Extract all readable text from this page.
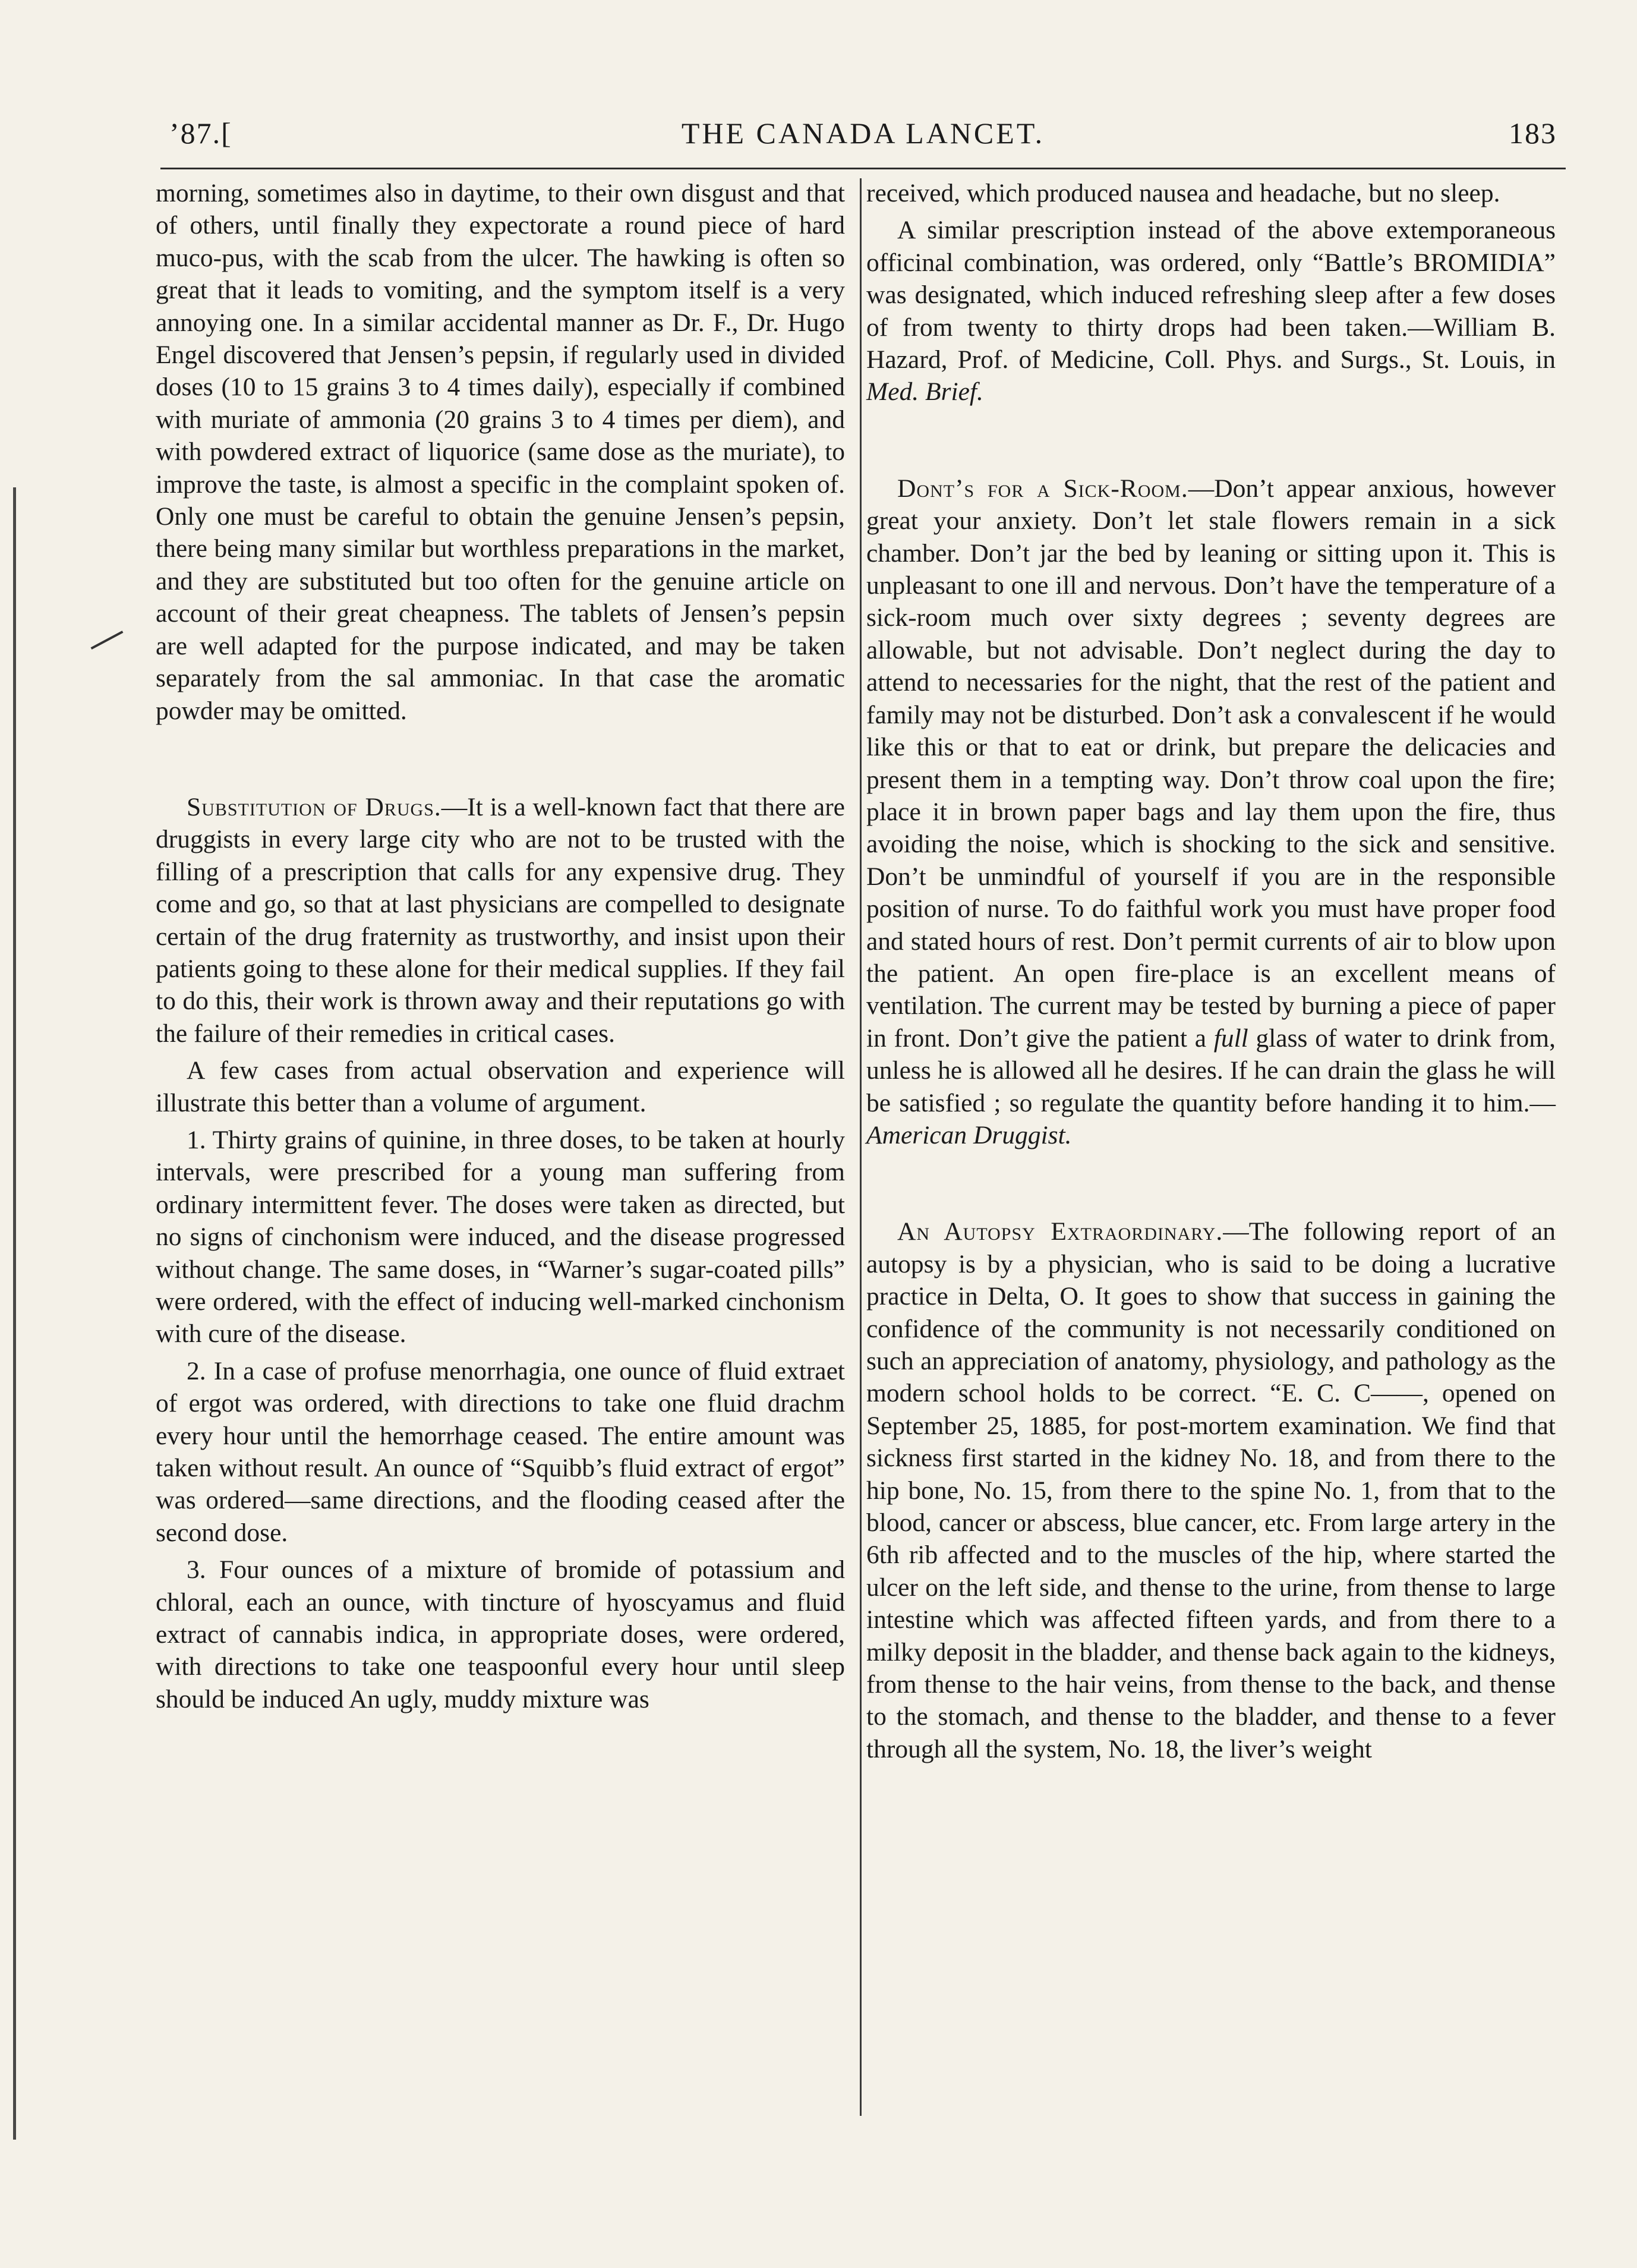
’87.[	THE CANADA LANCET.	183

morning, sometimes also in daytime, to their own disgust and that of others, until finally they expectorate a round piece of hard muco-pus, with the scab from the ulcer. The hawking is often so great that it leads to vomiting, and the symptom itself is a very annoying one. In a similar accidental manner as Dr. F., Dr. Hugo Engel discovered that Jensen’s pepsin, if regularly used in divided doses (10 to 15 grains 3 to 4 times daily), especially if combined with muriate of ammonia (20 grains 3 to 4 times per diem), and with powdered extract of liquorice (same dose as the muriate), to improve the taste, is almost a specific in the complaint spoken of. Only one must be careful to obtain the genuine Jensen’s pepsin, there being many similar but worthless preparations in the market, and they are substituted but too often for the genuine article on account of their great cheapness. The tablets of Jensen’s pepsin are well adapted for the purpose indicated, and may be taken separately from the sal ammoniac. In that case the aromatic powder may be omitted.

Substitution of Drugs.—It is a well-known fact that there are druggists in every large city who are not to be trusted with the filling of a prescription that calls for any expensive drug. They come and go, so that at last physicians are compelled to designate certain of the drug fraternity as trustworthy, and insist upon their patients going to these alone for their medical supplies. If they fail to do this, their work is thrown away and their reputations go with the failure of their remedies in critical cases.

A few cases from actual observation and experience will illustrate this better than a volume of argument.

1. Thirty grains of quinine, in three doses, to be taken at hourly intervals, were prescribed for a young man suffering from ordinary intermittent fever. The doses were taken as directed, but no signs of cinchonism were induced, and the disease progressed without change. The same doses, in “Warner’s sugar-coated pills” were ordered, with the effect of inducing well-marked cinchonism with cure of the disease.

2. In a case of profuse menorrhagia, one ounce of fluid extraet of ergot was ordered, with directions to take one fluid drachm every hour until the hemorrhage ceased. The entire amount was taken without result. An ounce of “Squibb’s fluid extract of ergot” was ordered—same directions, and the flooding ceased after the second dose.

3. Four ounces of a mixture of bromide of potassium and chloral, each an ounce, with tincture of hyoscyamus and fluid extract of cannabis indica, in appropriate doses, were ordered, with directions to take one teaspoonful every hour until sleep should be induced An ugly, muddy mixture was

received, which produced nausea and headache, but no sleep.

A similar prescription instead of the above extemporaneous officinal combination, was ordered, only “Battle’s BROMIDIA” was designated, which induced refreshing sleep after a few doses of from twenty to thirty drops had been taken.—William B. Hazard, Prof. of Medicine, Coll. Phys. and Surgs., St. Louis, in Med. Brief.

Dont’s for a Sick-Room.—Don’t appear anxious, however great your anxiety. Don’t let stale flowers remain in a sick chamber. Don’t jar the bed by leaning or sitting upon it. This is unpleasant to one ill and nervous. Don’t have the temperature of a sick-room much over sixty degrees ; seventy degrees are allowable, but not advisable. Don’t neglect during the day to attend to necessaries for the night, that the rest of the patient and family may not be disturbed. Don’t ask a convalescent if he would like this or that to eat or drink, but prepare the delicacies and present them in a tempting way. Don’t throw coal upon the fire; place it in brown paper bags and lay them upon the fire, thus avoiding the noise, which is shocking to the sick and sensitive. Don’t be unmindful of yourself if you are in the responsible position of nurse. To do faithful work you must have proper food and stated hours of rest. Don’t permit currents of air to blow upon the patient. An open fire-place is an excellent means of ventilation. The current may be tested by burning a piece of paper in front. Don’t give the patient a full glass of water to drink from, unless he is allowed all he desires. If he can drain the glass he will be satisfied ; so regulate the quantity before handing it to him.—American Druggist.

An Autopsy Extraordinary.—The following report of an autopsy is by a physician, who is said to be doing a lucrative practice in Delta, O. It goes to show that success in gaining the confidence of the community is not necessarily conditioned on such an appreciation of anatomy, physiology, and pathology as the modern school holds to be correct. “E. C. C——, opened on September 25, 1885, for post-mortem examination. We find that sickness first started in the kidney No. 18, and from there to the hip bone, No. 15, from there to the spine No. 1, from that to the blood, cancer or abscess, blue cancer, etc. From large artery in the 6th rib affected and to the muscles of the hip, where started the ulcer on the left side, and thense to the urine, from thense to large intestine which was affected fifteen yards, and from there to a milky deposit in the bladder, and thense back again to the kidneys, from thense to the hair veins, from thense to the back, and thense to the stomach, and thense to the bladder, and thense to a fever through all the system, No. 18, the liver’s weight
